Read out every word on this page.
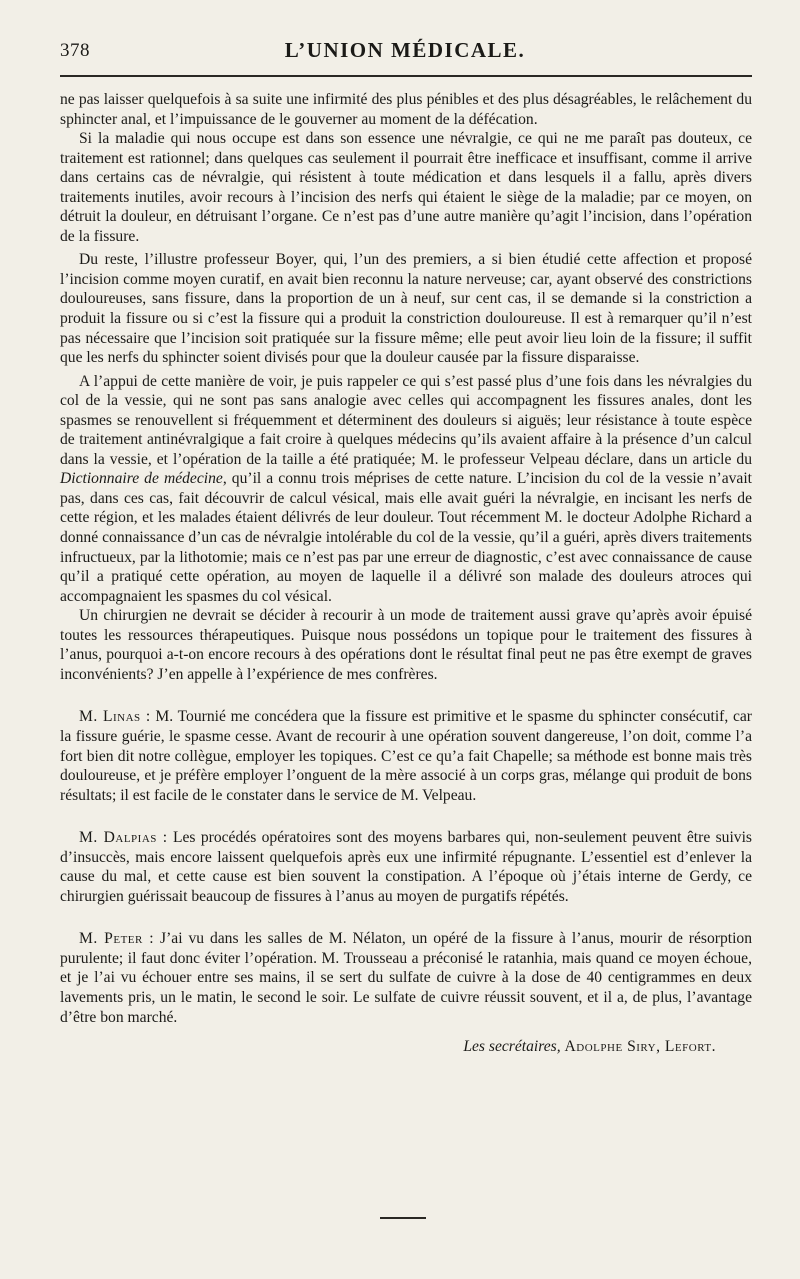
378	L’UNION MÉDICALE.

ne pas laisser quelquefois à sa suite une infirmité des plus pénibles et des plus désagréables, le relâchement du sphincter anal, et l’impuissance de le gouverner au moment de la défécation.

Si la maladie qui nous occupe est dans son essence une névralgie, ce qui ne me paraît pas douteux, ce traitement est rationnel; dans quelques cas seulement il pourrait être inefficace et insuffisant, comme il arrive dans certains cas de névralgie, qui résistent à toute médication et dans lesquels il a fallu, après divers traitements inutiles, avoir recours à l’incision des nerfs qui étaient le siège de la maladie; par ce moyen, on détruit la douleur, en détruisant l’organe. Ce n’est pas d’une autre manière qu’agit l’incision, dans l’opération de la fissure.

Du reste, l’illustre professeur Boyer, qui, l’un des premiers, a si bien étudié cette affection et proposé l’incision comme moyen curatif, en avait bien reconnu la nature nerveuse; car, ayant observé des constrictions douloureuses, sans fissure, dans la proportion de un à neuf, sur cent cas, il se demande si la constriction a produit la fissure ou si c’est la fissure qui a produit la constriction douloureuse. Il est à remarquer qu’il n’est pas nécessaire que l’incision soit pratiquée sur la fissure même; elle peut avoir lieu loin de la fissure; il suffit que les nerfs du sphincter soient divisés pour que la douleur causée par la fissure disparaisse.

A l’appui de cette manière de voir, je puis rappeler ce qui s’est passé plus d’une fois dans les névralgies du col de la vessie, qui ne sont pas sans analogie avec celles qui accompagnent les fissures anales, dont les spasmes se renouvellent si fréquemment et déterminent des douleurs si aiguës; leur résistance à toute espèce de traitement antinévralgique a fait croire à quelques médecins qu’ils avaient affaire à la présence d’un calcul dans la vessie, et l’opération de la taille a été pratiquée; M. le professeur Velpeau déclare, dans un article du Dictionnaire de médecine, qu’il a connu trois méprises de cette nature. L’incision du col de la vessie n’avait pas, dans ces cas, fait découvrir de calcul vésical, mais elle avait guéri la névralgie, en incisant les nerfs de cette région, et les malades étaient délivrés de leur douleur. Tout récemment M. le docteur Adolphe Richard a donné connaissance d’un cas de névralgie intolérable du col de la vessie, qu’il a guéri, après divers traitements infructueux, par la lithotomie; mais ce n’est pas par une erreur de diagnostic, c’est avec connaissance de cause qu’il a pratiqué cette opération, au moyen de laquelle il a délivré son malade des douleurs atroces qui accompagnaient les spasmes du col vésical.

Un chirurgien ne devrait se décider à recourir à un mode de traitement aussi grave qu’après avoir épuisé toutes les ressources thérapeutiques. Puisque nous possédons un topique pour le traitement des fissures à l’anus, pourquoi a-t-on encore recours à des opérations dont le résultat final peut ne pas être exempt de graves inconvénients? J’en appelle à l’expérience de mes confrères.

M. Linas : M. Tournié me concédera que la fissure est primitive et le spasme du sphincter consécutif, car la fissure guérie, le spasme cesse. Avant de recourir à une opération souvent dangereuse, l’on doit, comme l’a fort bien dit notre collègue, employer les topiques. C’est ce qu’a fait Chapelle; sa méthode est bonne mais très douloureuse, et je préfère employer l’onguent de la mère associé à un corps gras, mélange qui produit de bons résultats; il est facile de le constater dans le service de M. Velpeau.

M. Dalpias : Les procédés opératoires sont des moyens barbares qui, non-seulement peuvent être suivis d’insuccès, mais encore laissent quelquefois après eux une infirmité répugnante. L’essentiel est d’enlever la cause du mal, et cette cause est bien souvent la constipation. A l’époque où j’étais interne de Gerdy, ce chirurgien guérissait beaucoup de fissures à l’anus au moyen de purgatifs répétés.

M. Peter : J’ai vu dans les salles de M. Nélaton, un opéré de la fissure à l’anus, mourir de résorption purulente; il faut donc éviter l’opération. M. Trousseau a préconisé le ratanhia, mais quand ce moyen échoue, et je l’ai vu échouer entre ses mains, il se sert du sulfate de cuivre à la dose de 40 centigrammes en deux lavements pris, un le matin, le second le soir. Le sulfate de cuivre réussit souvent, et il a, de plus, l’avantage d’être bon marché.

Les secrétaires, Adolphe Siry, Lefort.
